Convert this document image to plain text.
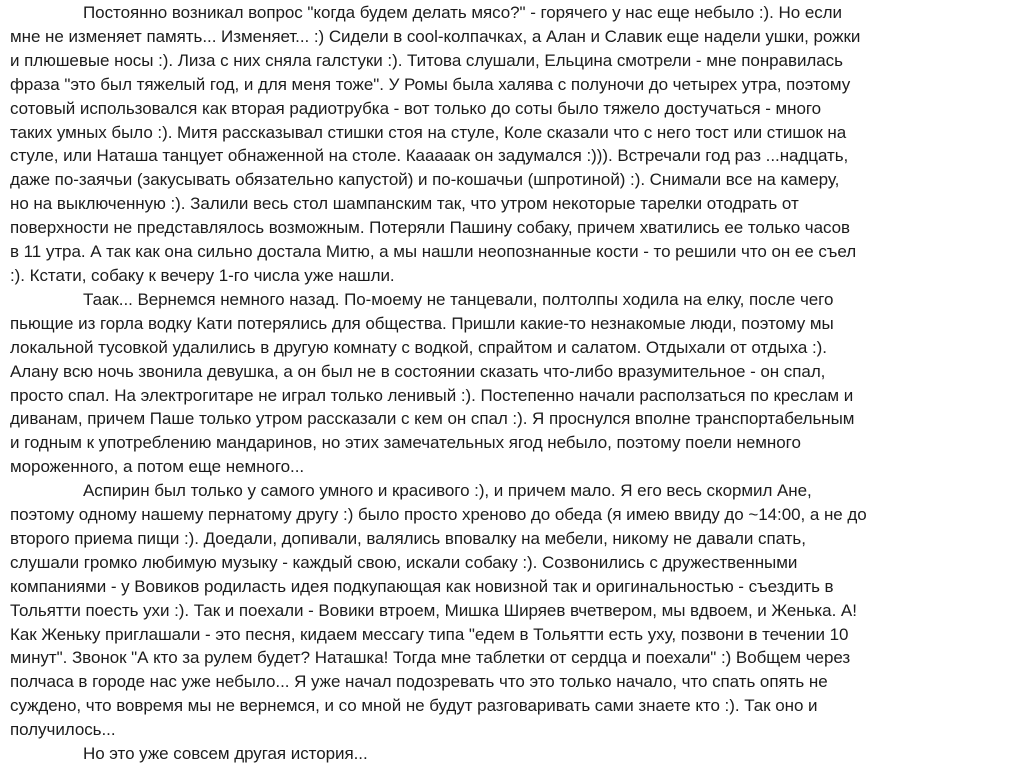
Постоянно возникал вопрос "когда будем делать мясо?" - горячего у нас еще небыло :). Но если
мне не изменяет память... Изменяет... :) Сидели в cool-колпачках, а Алан и Славик еще надели ушки, рожки
и плюшевые носы :). Лиза с них сняла галстуки :). Титова слушали, Ельцина смотрели - мне понравилась
фраза "это был тяжелый год, и для меня тоже". У Ромы была халява с полуночи до четырех утра, поэтому
сотовый использовался как вторая радиотрубка - вот только до соты было тяжело достучаться - много
таких умных было :). Митя рассказывал стишки стоя на стуле, Коле сказали что с него тост или стишок на
стуле, или Наташа танцует обнаженной на столе. Кааааак он задумался :))). Встречали год раз ...надцать,
даже по-заячьи (закусывать обязательно капустой) и по-кошачьи (шпротиной) :). Снимали все на камеру,
но на выключенную :). Залили весь стол шампанским так, что утром некоторые тарелки отодрать от
поверхности не представлялось возможным. Потеряли Пашину собаку, причем хватились ее только часов
в 11 утра. А так как она сильно достала Митю, а мы нашли неопознанные кости - то решили что он ее съел
:). Кстати, собаку к вечеру 1-го числа уже нашли.
Таак... Вернемся немного назад. По-моему не танцевали, полтолпы ходила на елку, после чего
пьющие из горла водку Кати потерялись для общества. Пришли какие-то незнакомые люди, поэтому мы
локальной тусовкой удалились в другую комнату с водкой, спрайтом и салатом. Отдыхали от отдыха :).
Алану всю ночь звонила девушка, а он был не в состоянии сказать что-либо вразумительное - он спал,
просто спал. На электрогитаре не играл только ленивый :). Постепенно начали расползаться по креслам и
диванам, причем Паше только утром рассказали с кем он спал :). Я проснулся вполне транспортабельным
и годным к употреблению мандаринов, но этих замечательных ягод небыло, поэтому поели немного
мороженного, а потом еще немного...
Аспирин был только у самого умного и красивого :), и причем мало. Я его весь скормил Ане,
поэтому одному нашему пернатому другу :) было просто хреново до обеда (я имею ввиду до ~14:00, а не до
второго приема пищи :). Доедали, допивали, валялись вповалку на мебели, никому не давали спать,
слушали громко любимую музыку - каждый свою, искали собаку :). Созвонились с дружественными
компаниями - у Вовиков родиласть идея подкупающая как новизной так и оригинальностью - съездить в
Тольятти поесть ухи :). Так и поехали - Вовики втроем, Мишка Ширяев вчетвером, мы вдвоем, и Женька. А!
Как Женьку приглашали - это песня, кидаем мессагу типа "едем в Тольятти есть уху, позвони в течении 10
минут". Звонок "А кто за рулем будет? Наташка! Тогда мне таблетки от сердца и поехали" :) Вобщем через
полчаса в городе нас уже небыло... Я уже начал подозревать что это только начало, что спать опять не
суждено, что вовремя мы не вернемся, и со мной не будут разговаривать сами знаете кто :). Так оно и
получилось...
Но это уже совсем другая история...
